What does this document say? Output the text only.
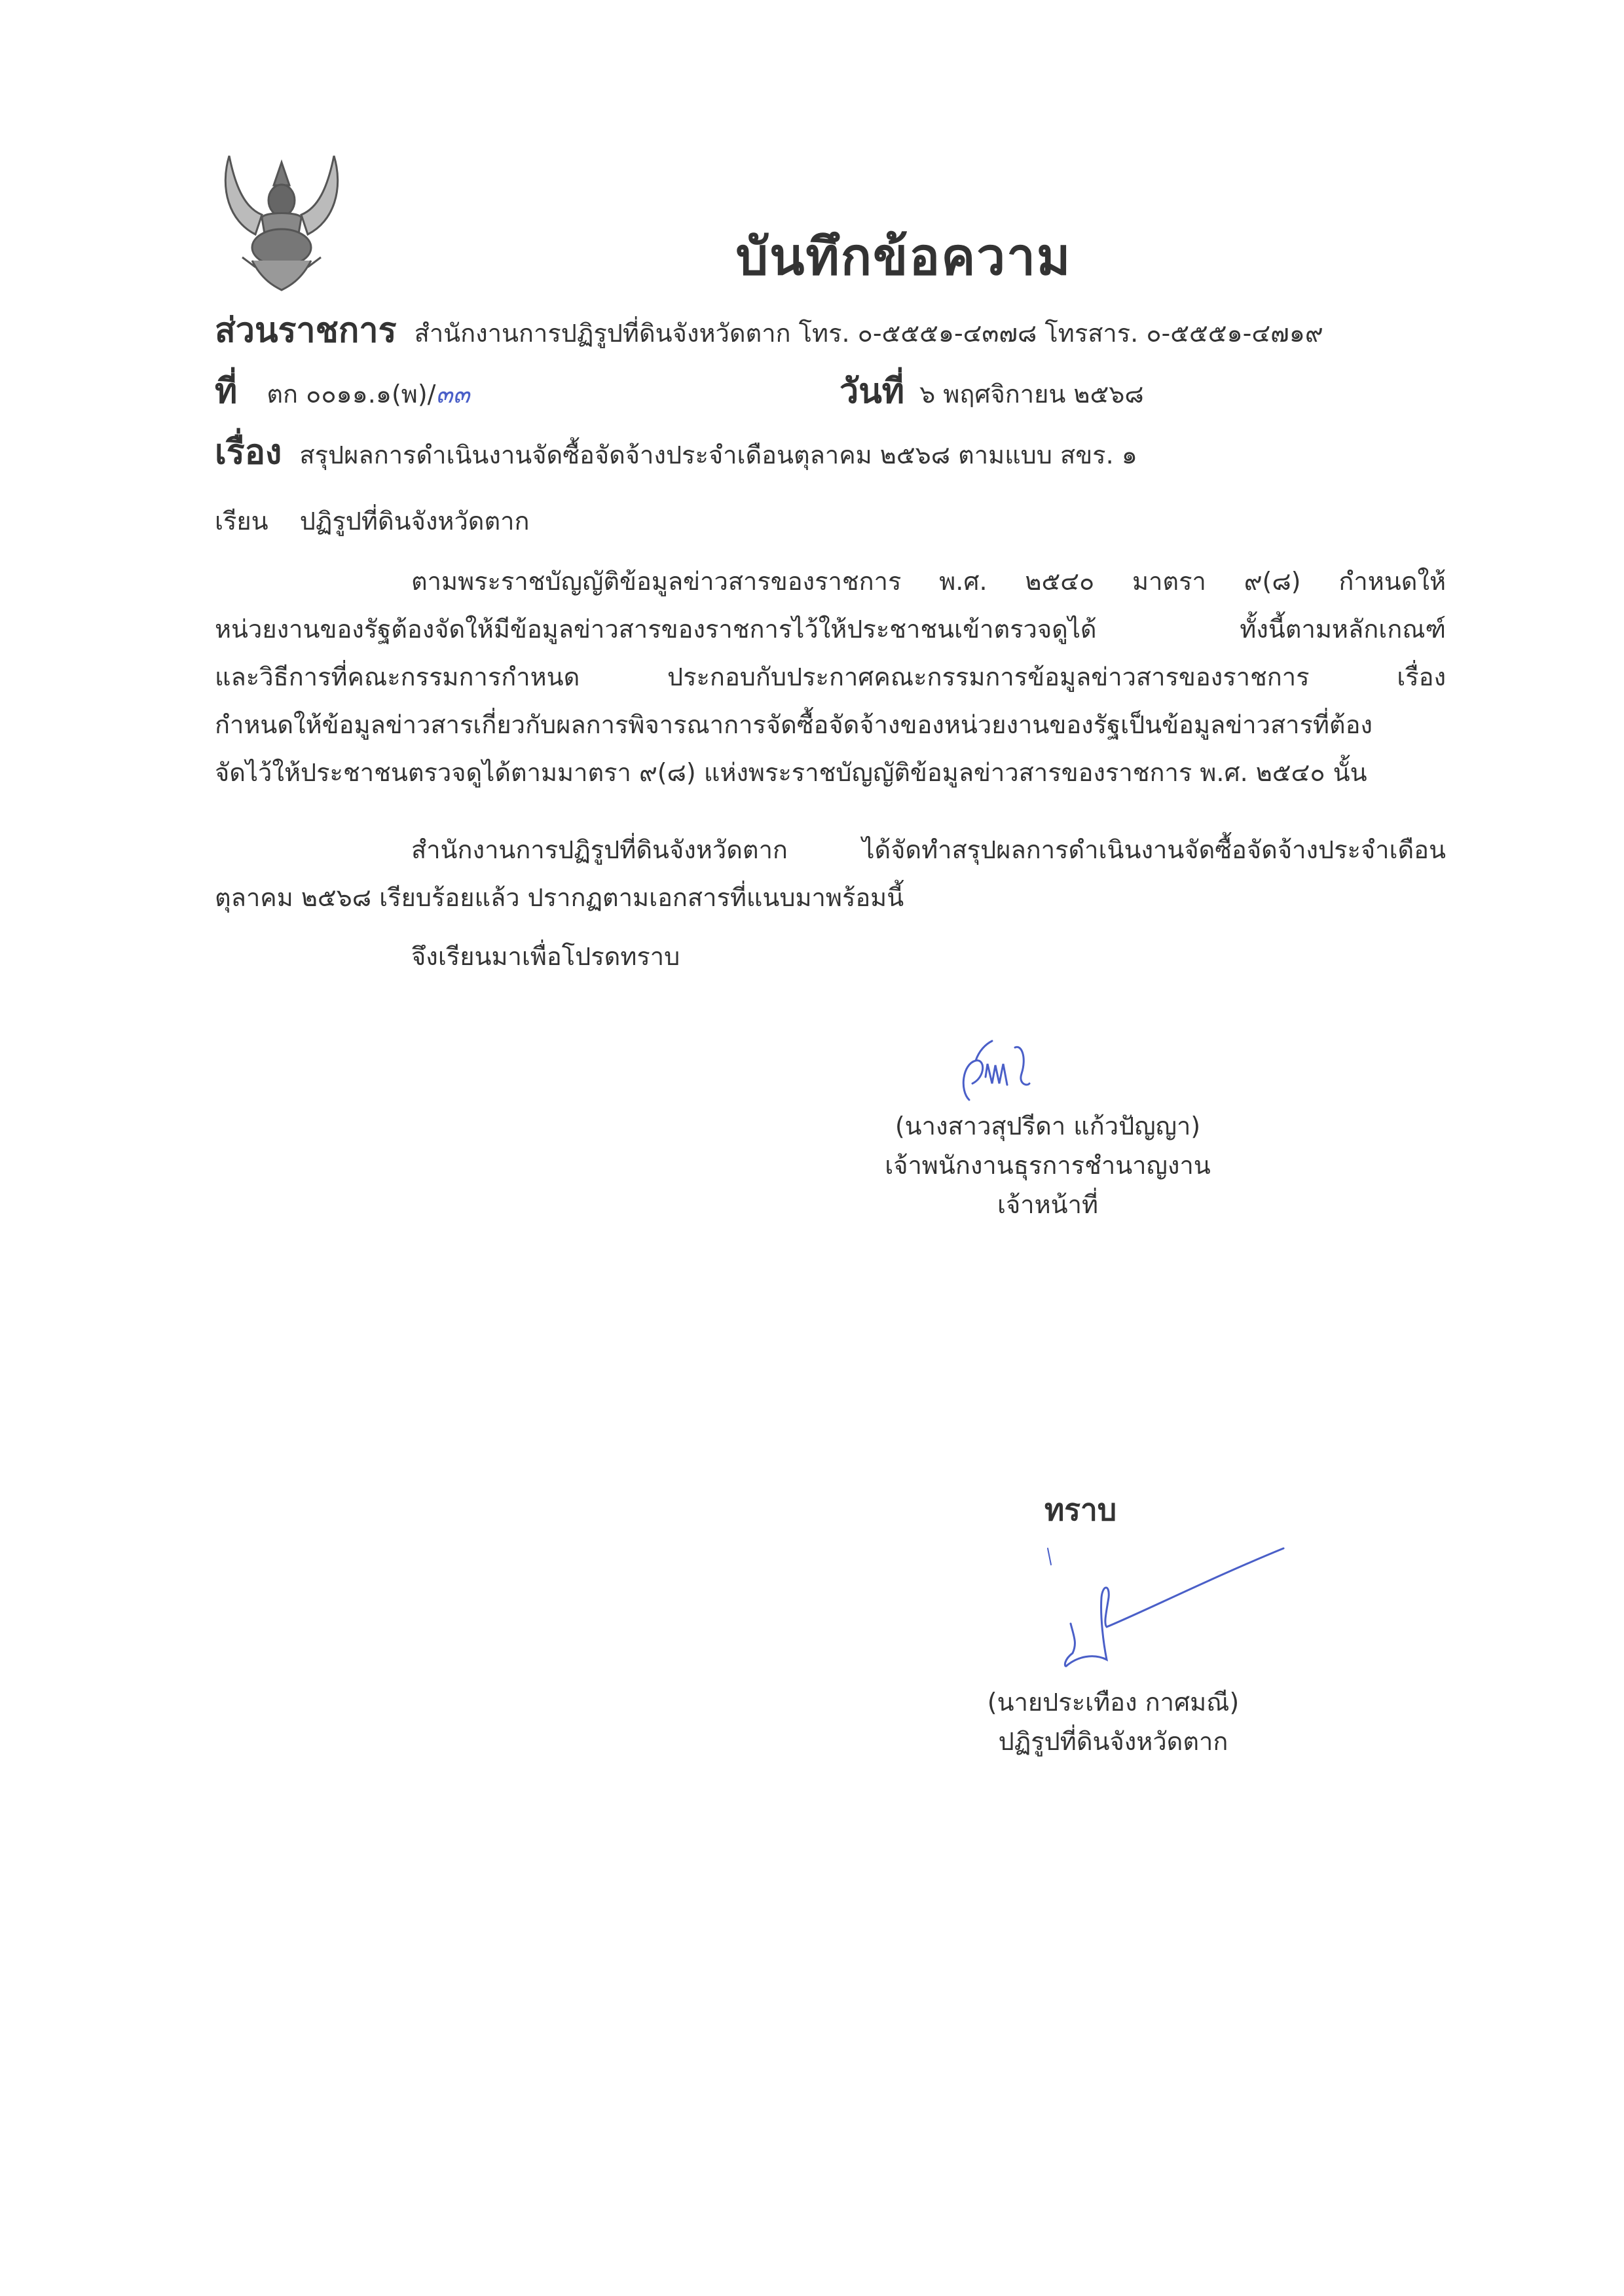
บันทึกข้อความ
ส่วนราชการ สำนักงานการปฏิรูปที่ดินจังหวัดตาก โทร. ๐-๕๕๕๑-๔๓๗๘ โทรสาร. ๐-๕๕๕๑-๔๗๑๙
ที่ ตก ๐๐๑๑.๑(พ)/๓๓	วันที่ ๖ พฤศจิกายน ๒๕๖๘
เรื่อง สรุปผลการดำเนินงานจัดซื้อจัดจ้างประจำเดือนตุลาคม ๒๕๖๘ ตามแบบ สขร. ๑
เรียน ปฏิรูปที่ดินจังหวัดตาก
ตามพระราชบัญญัติข้อมูลข่าวสารของราชการ พ.ศ. ๒๕๔๐ มาตรา ๙(๘) กำหนดให้
หน่วยงานของรัฐต้องจัดให้มีข้อมูลข่าวสารของราชการไว้ให้ประชาชนเข้าตรวจดูได้ ทั้งนี้ตามหลักเกณฑ์
และวิธีการที่คณะกรรมการกำหนด ประกอบกับประกาศคณะกรรมการข้อมูลข่าวสารของราชการ เรื่อง
กำหนดให้ข้อมูลข่าวสารเกี่ยวกับผลการพิจารณาการจัดซื้อจัดจ้างของหน่วยงานของรัฐเป็นข้อมูลข่าวสารที่ต้อง
จัดไว้ให้ประชาชนตรวจดูได้ตามมาตรา ๙(๘) แห่งพระราชบัญญัติข้อมูลข่าวสารของราชการ พ.ศ. ๒๕๔๐ นั้น
สำนักงานการปฏิรูปที่ดินจังหวัดตาก ได้จัดทำสรุปผลการดำเนินงานจัดซื้อจัดจ้างประจำเดือน
ตุลาคม ๒๕๖๘ เรียบร้อยแล้ว ปรากฏตามเอกสารที่แนบมาพร้อมนี้
จึงเรียนมาเพื่อโปรดทราบ
(นางสาวสุปรีดา แก้วปัญญา)
เจ้าพนักงานธุรการชำนาญงาน
เจ้าหน้าที่
ทราบ
(นายประเทือง กาศมณี)
ปฏิรูปที่ดินจังหวัดตาก
